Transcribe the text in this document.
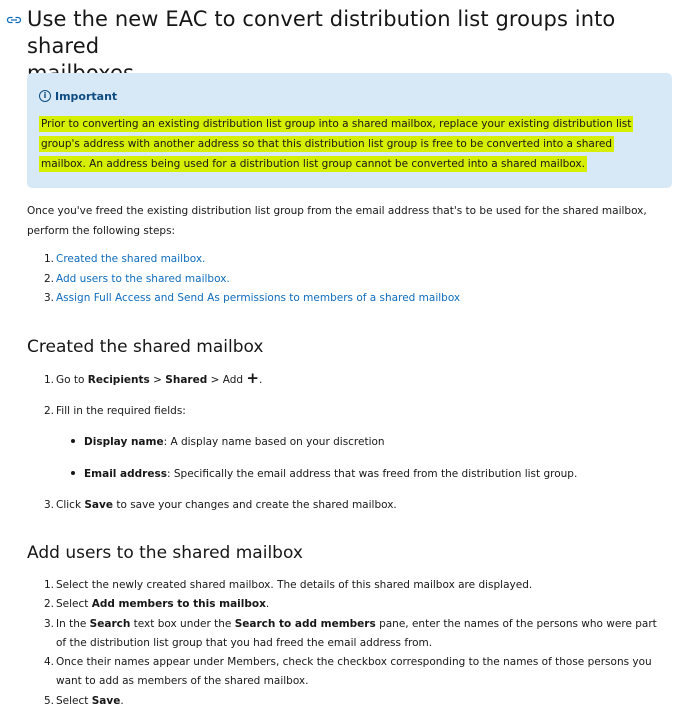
Use the new EAC to convert distribution list groups into shared

i Important
Prior to converting an existing distribution list group into a shared mailbox, replace your existing distribution list group's address with another address so that this distribution list group is free to be converted into a shared mailbox. An address being used for a distribution list group cannot be converted into a shared mailbox.
Once you've freed the existing distribution list group from the email address that's to be used for the shared mailbox, perform the following steps:
1. Created the shared mailbox.
2. Add users to the shared mailbox.
3. Assign Full Access and Send As permissions to members of a shared mailbox
Created the shared mailbox
1. Go to Recipients > Shared > Add +.
2. Fill in the required fields:
Display name: A display name based on your discretion
Email address: Specifically the email address that was freed from the distribution list group.
3. Click Save to save your changes and create the shared mailbox.
Add users to the shared mailbox
1. Select the newly created shared mailbox. The details of this shared mailbox are displayed.
2. Select Add members to this mailbox.
3. In the Search text box under the Search to add members pane, enter the names of the persons who were part of the distribution list group that you had freed the email address from.
4. Once their names appear under Members, check the checkbox corresponding to the names of those persons you want to add as members of the shared mailbox.
5. Select Save.
